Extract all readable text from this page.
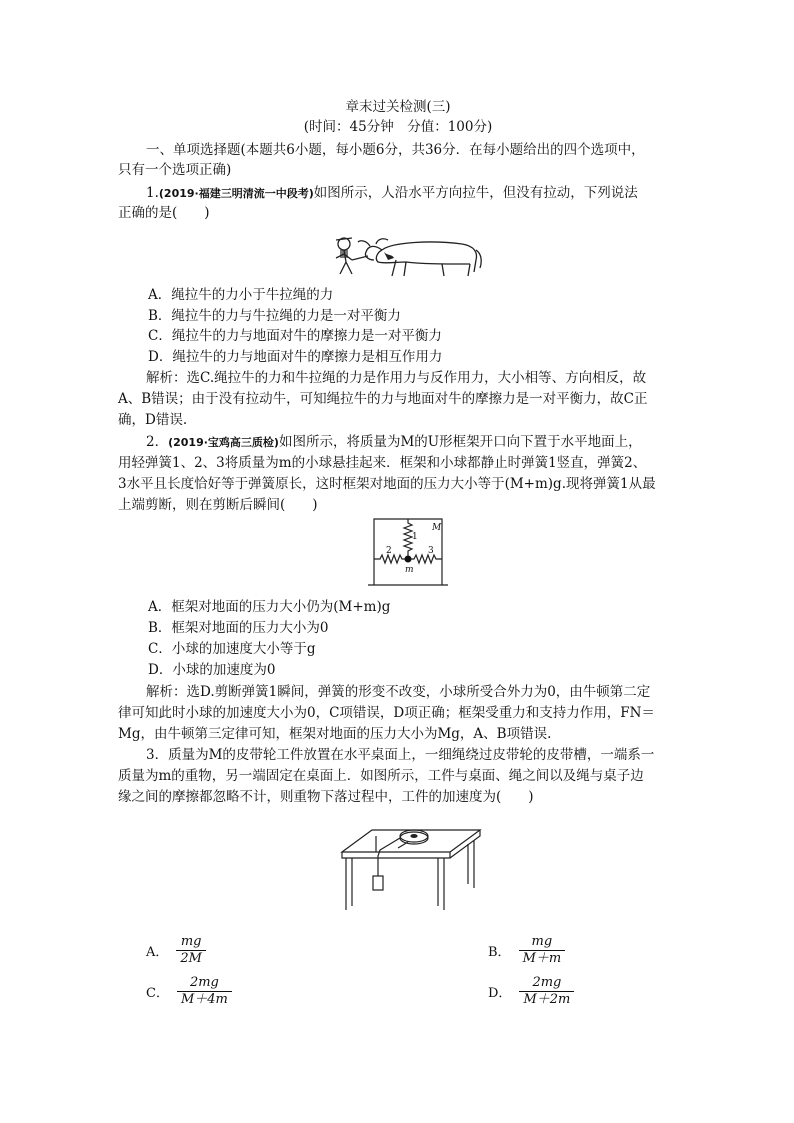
章末过关检测(三)
(时间：45分钟　分值：100分)
一、单项选择题(本题共6小题，每小题6分，共36分．在每小题给出的四个选项中，
只有一个选项正确)
1.(2019·福建三明清流一中段考)如图所示，人沿水平方向拉牛，但没有拉动，下列说法
正确的是(　　)
A．绳拉牛的力小于牛拉绳的力
B．绳拉牛的力与牛拉绳的力是一对平衡力
C．绳拉牛的力与地面对牛的摩擦力是一对平衡力
D．绳拉牛的力与地面对牛的摩擦力是相互作用力
解析：选C.绳拉牛的力和牛拉绳的力是作用力与反作用力，大小相等、方向相反，故
A、B错误；由于没有拉动牛，可知绳拉牛的力与地面对牛的摩擦力是一对平衡力，故C正
确，D错误.
2．(2019·宝鸡高三质检)如图所示，将质量为M的U形框架开口向下置于水平地面上，
用轻弹簧1、2、3将质量为m的小球悬挂起来．框架和小球都静止时弹簧1竖直，弹簧2、
3水平且长度恰好等于弹簧原长，这时框架对地面的压力大小等于(M+m)g.现将弹簧1从最
上端剪断，则在剪断后瞬间(　　)
1
2	3
M
m
A．框架对地面的压力大小仍为(M+m)g
B．框架对地面的压力大小为0
C．小球的加速度大小等于g
D．小球的加速度为0
解析：选D.剪断弹簧1瞬间，弹簧的形变不改变，小球所受合外力为0，由牛顿第二定
律可知此时小球的加速度大小为0，C项错误，D项正确；框架受重力和支持力作用，FN＝
Mg，由牛顿第三定律可知，框架对地面的压力大小为Mg，A、B项错误.
3．质量为M的皮带轮工件放置在水平桌面上，一细绳绕过皮带轮的皮带槽，一端系一
质量为m的重物，另一端固定在桌面上．如图所示，工件与桌面、绳之间以及绳与桌子边
缘之间的摩擦都忽略不计，则重物下落过程中，工件的加速度为(　　)
A． $\frac{mg}{2M}$	B． $\frac{mg}{M+m}$
C． $\frac{2mg}{M+4m}$	D． $\frac{2mg}{M+2m}$
